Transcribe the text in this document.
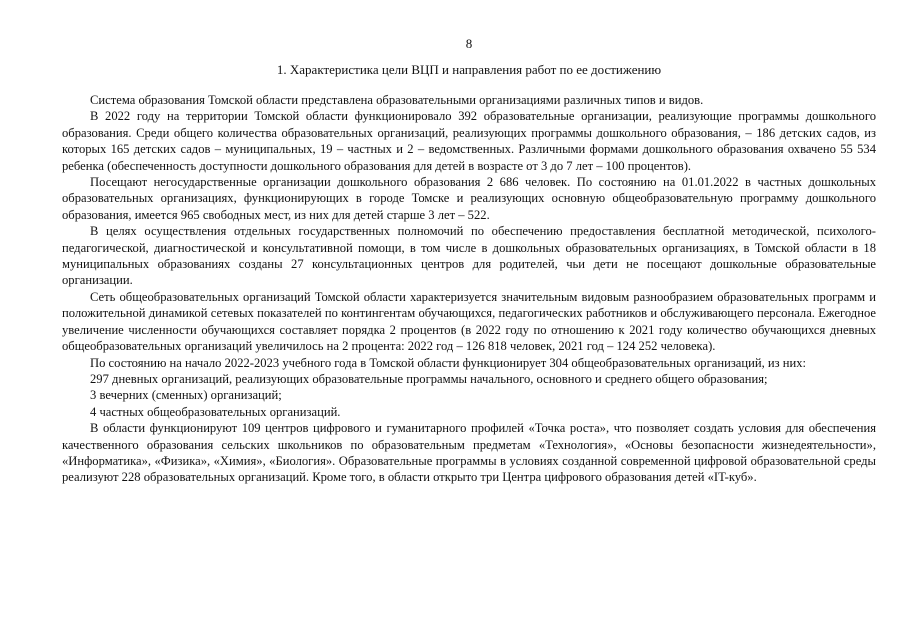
8
1. Характеристика цели ВЦП и направления работ по ее достижению

Система образования Томской области представлена образовательными организациями различных типов и видов.

В 2022 году на территории Томской области функционировало 392 образовательные организации, реализующие программы дошкольного образования. Среди общего количества образовательных организаций, реализующих программы дошкольного образования, – 186 детских садов, из которых 165 детских садов – муниципальных, 19 – частных и 2 – ведомственных. Различными формами дошкольного образования охвачено 55 534 ребенка (обеспеченность доступности дошкольного образования для детей в возрасте от 3 до 7 лет – 100 процентов).

Посещают негосударственные организации дошкольного образования 2 686 человек. По состоянию на 01.01.2022 в частных дошкольных образовательных организациях, функционирующих в городе Томске и реализующих основную общеобразовательную программу дошкольного образования, имеется 965 свободных мест, из них для детей старше 3 лет – 522.

В целях осуществления отдельных государственных полномочий по обеспечению предоставления бесплатной методической, психолого-педагогической, диагностической и консультативной помощи, в том числе в дошкольных образовательных организациях, в Томской области в 18 муниципальных образованиях созданы 27 консультационных центров для родителей, чьи дети не посещают дошкольные образовательные организации.

Сеть общеобразовательных организаций Томской области характеризуется значительным видовым разнообразием образовательных программ и положительной динамикой сетевых показателей по контингентам обучающихся, педагогических работников и обслуживающего персонала. Ежегодное увеличение численности обучающихся составляет порядка 2 процентов (в 2022 году по отношению к 2021 году количество обучающихся дневных общеобразовательных организаций увеличилось на 2 процента: 2022 год – 126 818 человек, 2021 год – 124 252 человека).

По состоянию на начало 2022-2023 учебного года в Томской области функционирует 304 общеобразовательных организаций, из них:

297 дневных организаций, реализующих образовательные программы начального, основного и среднего общего образования;

3 вечерних (сменных) организаций;

4 частных общеобразовательных организаций.

В области функционируют 109 центров цифрового и гуманитарного профилей «Точка роста», что позволяет создать условия для обеспечения качественного образования сельских школьников по образовательным предметам «Технология», «Основы безопасности жизнедеятельности», «Информатика», «Физика», «Химия», «Биология». Образовательные программы в условиях созданной современной цифровой образовательной среды реализуют 228 образовательных организаций. Кроме того, в области открыто три Центра цифрового образования детей «IT-куб».
